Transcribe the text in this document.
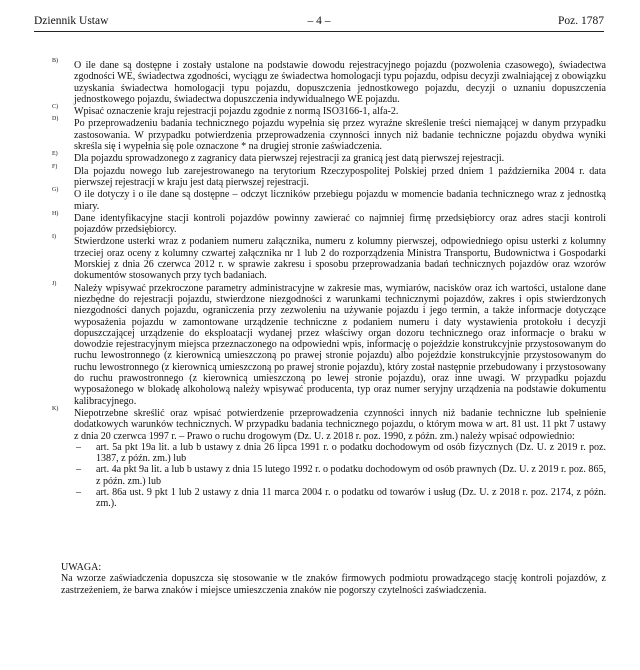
Dziennik Ustaw	– 4 –	Poz. 1787
B) O ile dane są dostępne i zostały ustalone na podstawie dowodu rejestracyjnego pojazdu (pozwolenia czasowego), świadectwa zgodności WE, świadectwa zgodności, wyciągu ze świadectwa homologacji typu pojazdu, odpisu decyzji zwalniającej z obowiązku uzyskania świadectwa homologacji typu pojazdu, dopuszczenia jednostkowego pojazdu, decyzji o uznaniu dopuszczenia jednostkowego pojazdu, świadectwa dopuszczenia indywidualnego WE pojazdu.

C) Wpisać oznaczenie kraju rejestracji pojazdu zgodnie z normą ISO3166-1, alfa-2.

D) Po przeprowadzeniu badania technicznego pojazdu wypełnia się przez wyraźne skreślenie treści niemającej w danym przypadku zastosowania. W przypadku potwierdzenia przeprowadzenia czynności innych niż badanie techniczne pojazdu obydwa wyniki skreśla się i wypełnia się pole oznaczone * na drugiej stronie zaświadczenia.

E) Dla pojazdu sprowadzonego z zagranicy data pierwszej rejestracji za granicą jest datą pierwszej rejestracji.

F) Dla pojazdu nowego lub zarejestrowanego na terytorium Rzeczypospolitej Polskiej przed dniem 1 października 2004 r. data pierwszej rejestracji w kraju jest datą pierwszej rejestracji.

G) O ile dotyczy i o ile dane są dostępne – odczyt liczników przebiegu pojazdu w momencie badania technicznego wraz z jednostką miary.

H) Dane identyfikacyjne stacji kontroli pojazdów powinny zawierać co najmniej firmę przedsiębiorcy oraz adres stacji kontroli pojazdów przedsiębiorcy.

I) Stwierdzone usterki wraz z podaniem numeru załącznika, numeru z kolumny pierwszej, odpowiedniego opisu usterki z kolumny trzeciej oraz oceny z kolumny czwartej załącznika nr 1 lub 2 do rozporządzenia Ministra Transportu, Budownictwa i Gospodarki Morskiej z dnia 26 czerwca 2012 r. w sprawie zakresu i sposobu przeprowadzania badań technicznych pojazdów oraz wzorów dokumentów stosowanych przy tych badaniach.

J) Należy wpisywać przekroczone parametry administracyjne w zakresie mas, wymiarów, nacisków oraz ich wartości, ustalone dane niezbędne do rejestracji pojazdu, stwierdzone niezgodności z warunkami technicznymi pojazdów, zakres i opis stwierdzonych niezgodności danych pojazdu, ograniczenia przy zezwoleniu na używanie pojazdu i jego termin, a także informacje dotyczące wyposażenia pojazdu w zamontowane urządzenie techniczne z podaniem numeru i daty wystawienia protokołu i decyzji dopuszczającej urządzenie do eksploatacji wydanej przez właściwy organ dozoru technicznego oraz informacje o braku w dowodzie rejestracyjnym miejsca przeznaczonego na odpowiedni wpis, informację o pojeździe konstrukcyjnie przystosowanym do ruchu lewostronnego (z kierownicą umieszczoną po prawej stronie pojazdu) albo pojeździe konstrukcyjnie przystosowanym do ruchu lewostronnego (z kierownicą umieszczoną po prawej stronie pojazdu), który został następnie przebudowany i przystosowany do ruchu prawostronnego (z kierownicą umieszczoną po lewej stronie pojazdu), oraz inne uwagi. W przypadku pojazdu wyposażonego w blokadę alkoholową należy wpisywać producenta, typ oraz numer seryjny urządzenia na podstawie dokumentu kalibracyjnego.

K) Niepotrzebne skreślić oraz wpisać potwierdzenie przeprowadzenia czynności innych niż badanie techniczne lub spełnienie dodatkowych warunków technicznych. W przypadku badania technicznego pojazdu, o którym mowa w art. 81 ust. 11 pkt 7 ustawy z dnia 20 czerwca 1997 r. – Prawo o ruchu drogowym (Dz. U. z 2018 r. poz. 1990, z późn. zm.) należy wpisać odpowiednio:

– art. 5a pkt 19a lit. a lub b ustawy z dnia 26 lipca 1991 r. o podatku dochodowym od osób fizycznych (Dz. U. z 2019 r. poz. 1387, z późn. zm.) lub
– art. 4a pkt 9a lit. a lub b ustawy z dnia 15 lutego 1992 r. o podatku dochodowym od osób prawnych (Dz. U. z 2019 r. poz. 865, z późn. zm.) lub
– art. 86a ust. 9 pkt 1 lub 2 ustawy z dnia 11 marca 2004 r. o podatku od towarów i usług (Dz. U. z 2018 r. poz. 2174, z późn. zm.).

UWAGA:

Na wzorze zaświadczenia dopuszcza się stosowanie w tle znaków firmowych podmiotu prowadzącego stację kontroli pojazdów, z zastrzeżeniem, że barwa znaków i miejsce umieszczenia znaków nie pogorszy czytelności zaświadczenia.
